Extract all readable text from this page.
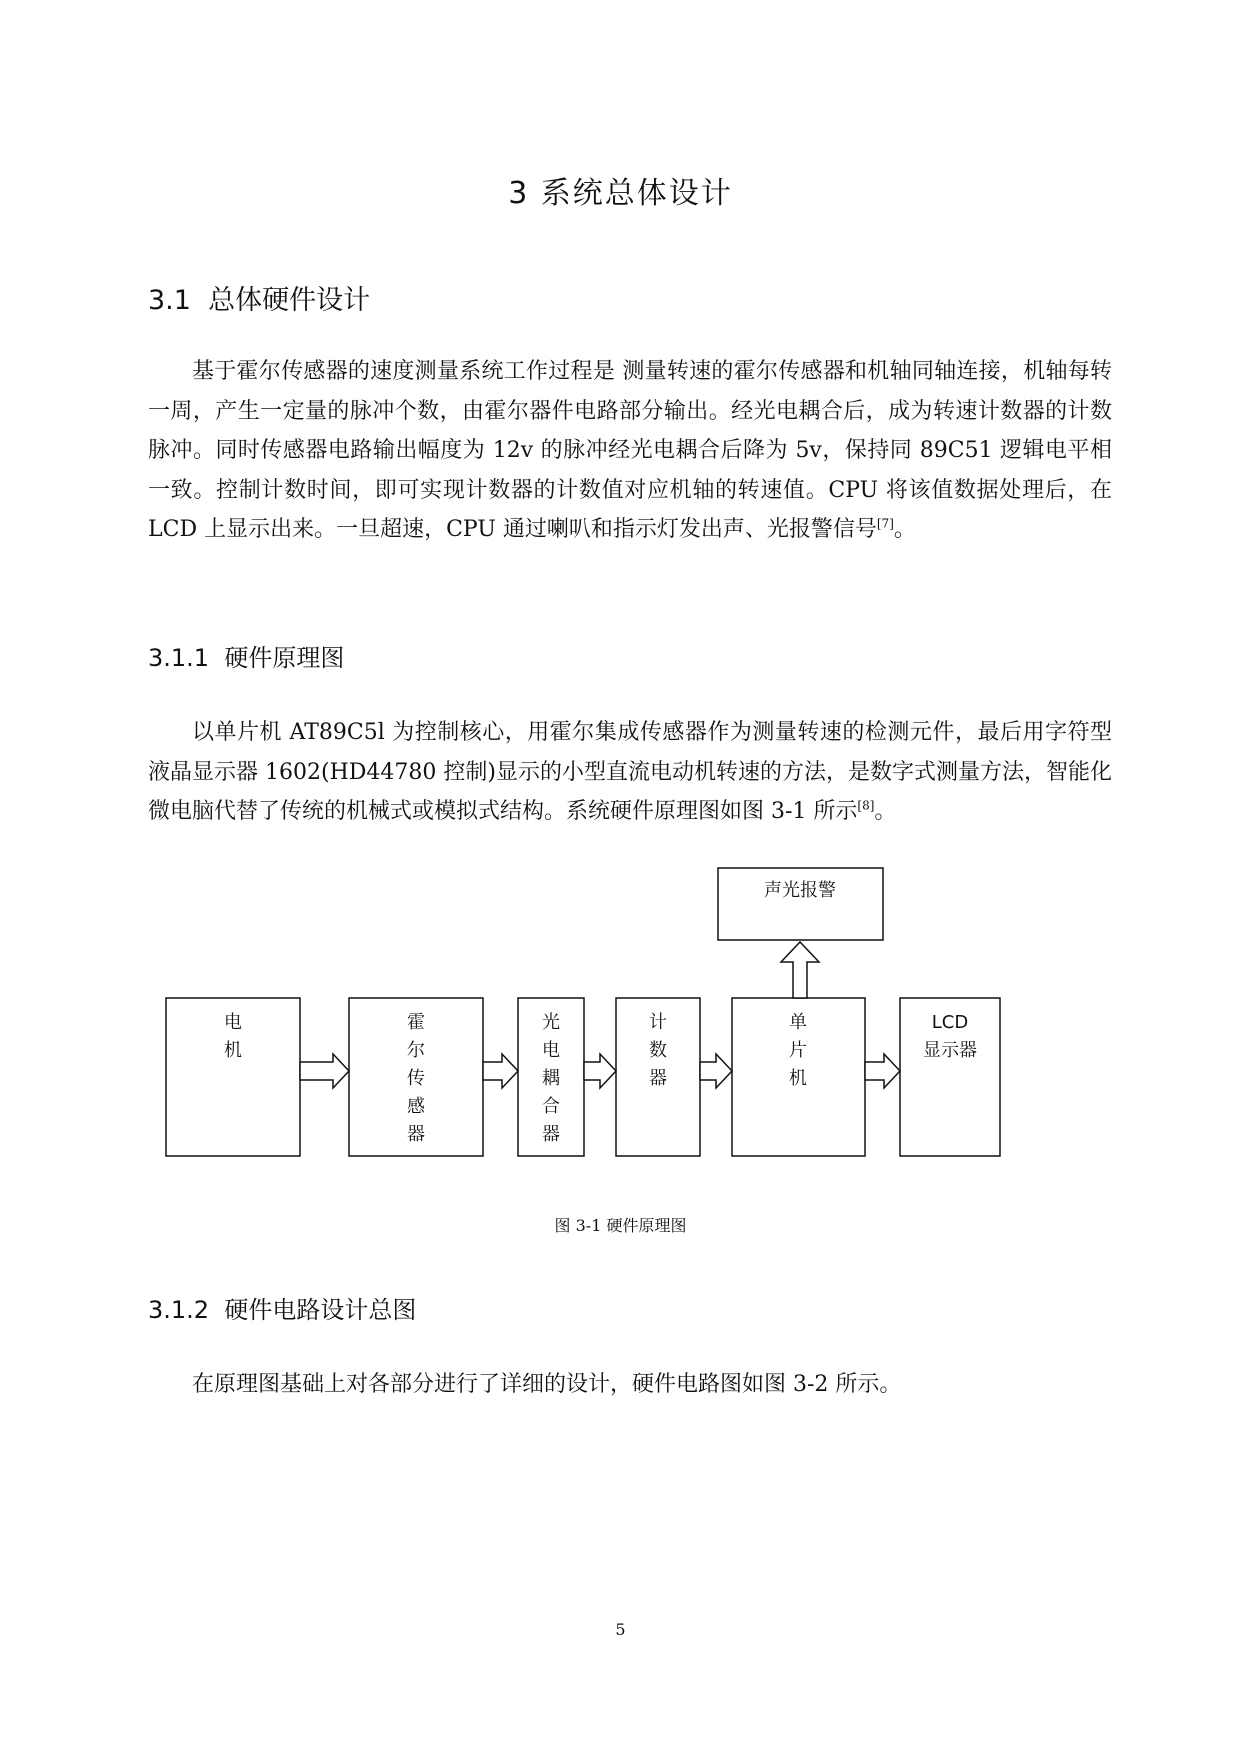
3 系统总体设计
3.1 总体硬件设计
基于霍尔传感器的速度测量系统工作过程是 测量转速的霍尔传感器和机轴同轴连接，机轴每转一周，产生一定量的脉冲个数，由霍尔器件电路部分输出。经光电耦合后，成为转速计数器的计数脉冲。同时传感器电路输出幅度为 12v 的脉冲经光电耦合后降为 5v，保持同 89C51 逻辑电平相一致。控制计数时间，即可实现计数器的计数值对应机轴的转速值。CPU 将该值数据处理后，在 LCD 上显示出来。一旦超速，CPU 通过喇叭和指示灯发出声、光报警信号[7]。
3.1.1 硬件原理图
以单片机 AT89C5l 为控制核心，用霍尔集成传感器作为测量转速的检测元件，最后用字符型液晶显示器 1602(HD44780 控制)显示的小型直流电动机转速的方法，是数字式测量方法，智能化微电脑代替了传统的机械式或模拟式结构。系统硬件原理图如图 3-1 所示[8]。
电
机
霍
尔
传
感
器
光
电
耦
合
器
计
数
器
单
片
机
LCD
显示器
声光报警
图 3-1 硬件原理图
3.1.2 硬件电路设计总图
在原理图基础上对各部分进行了详细的设计，硬件电路图如图 3-2 所示。
5
